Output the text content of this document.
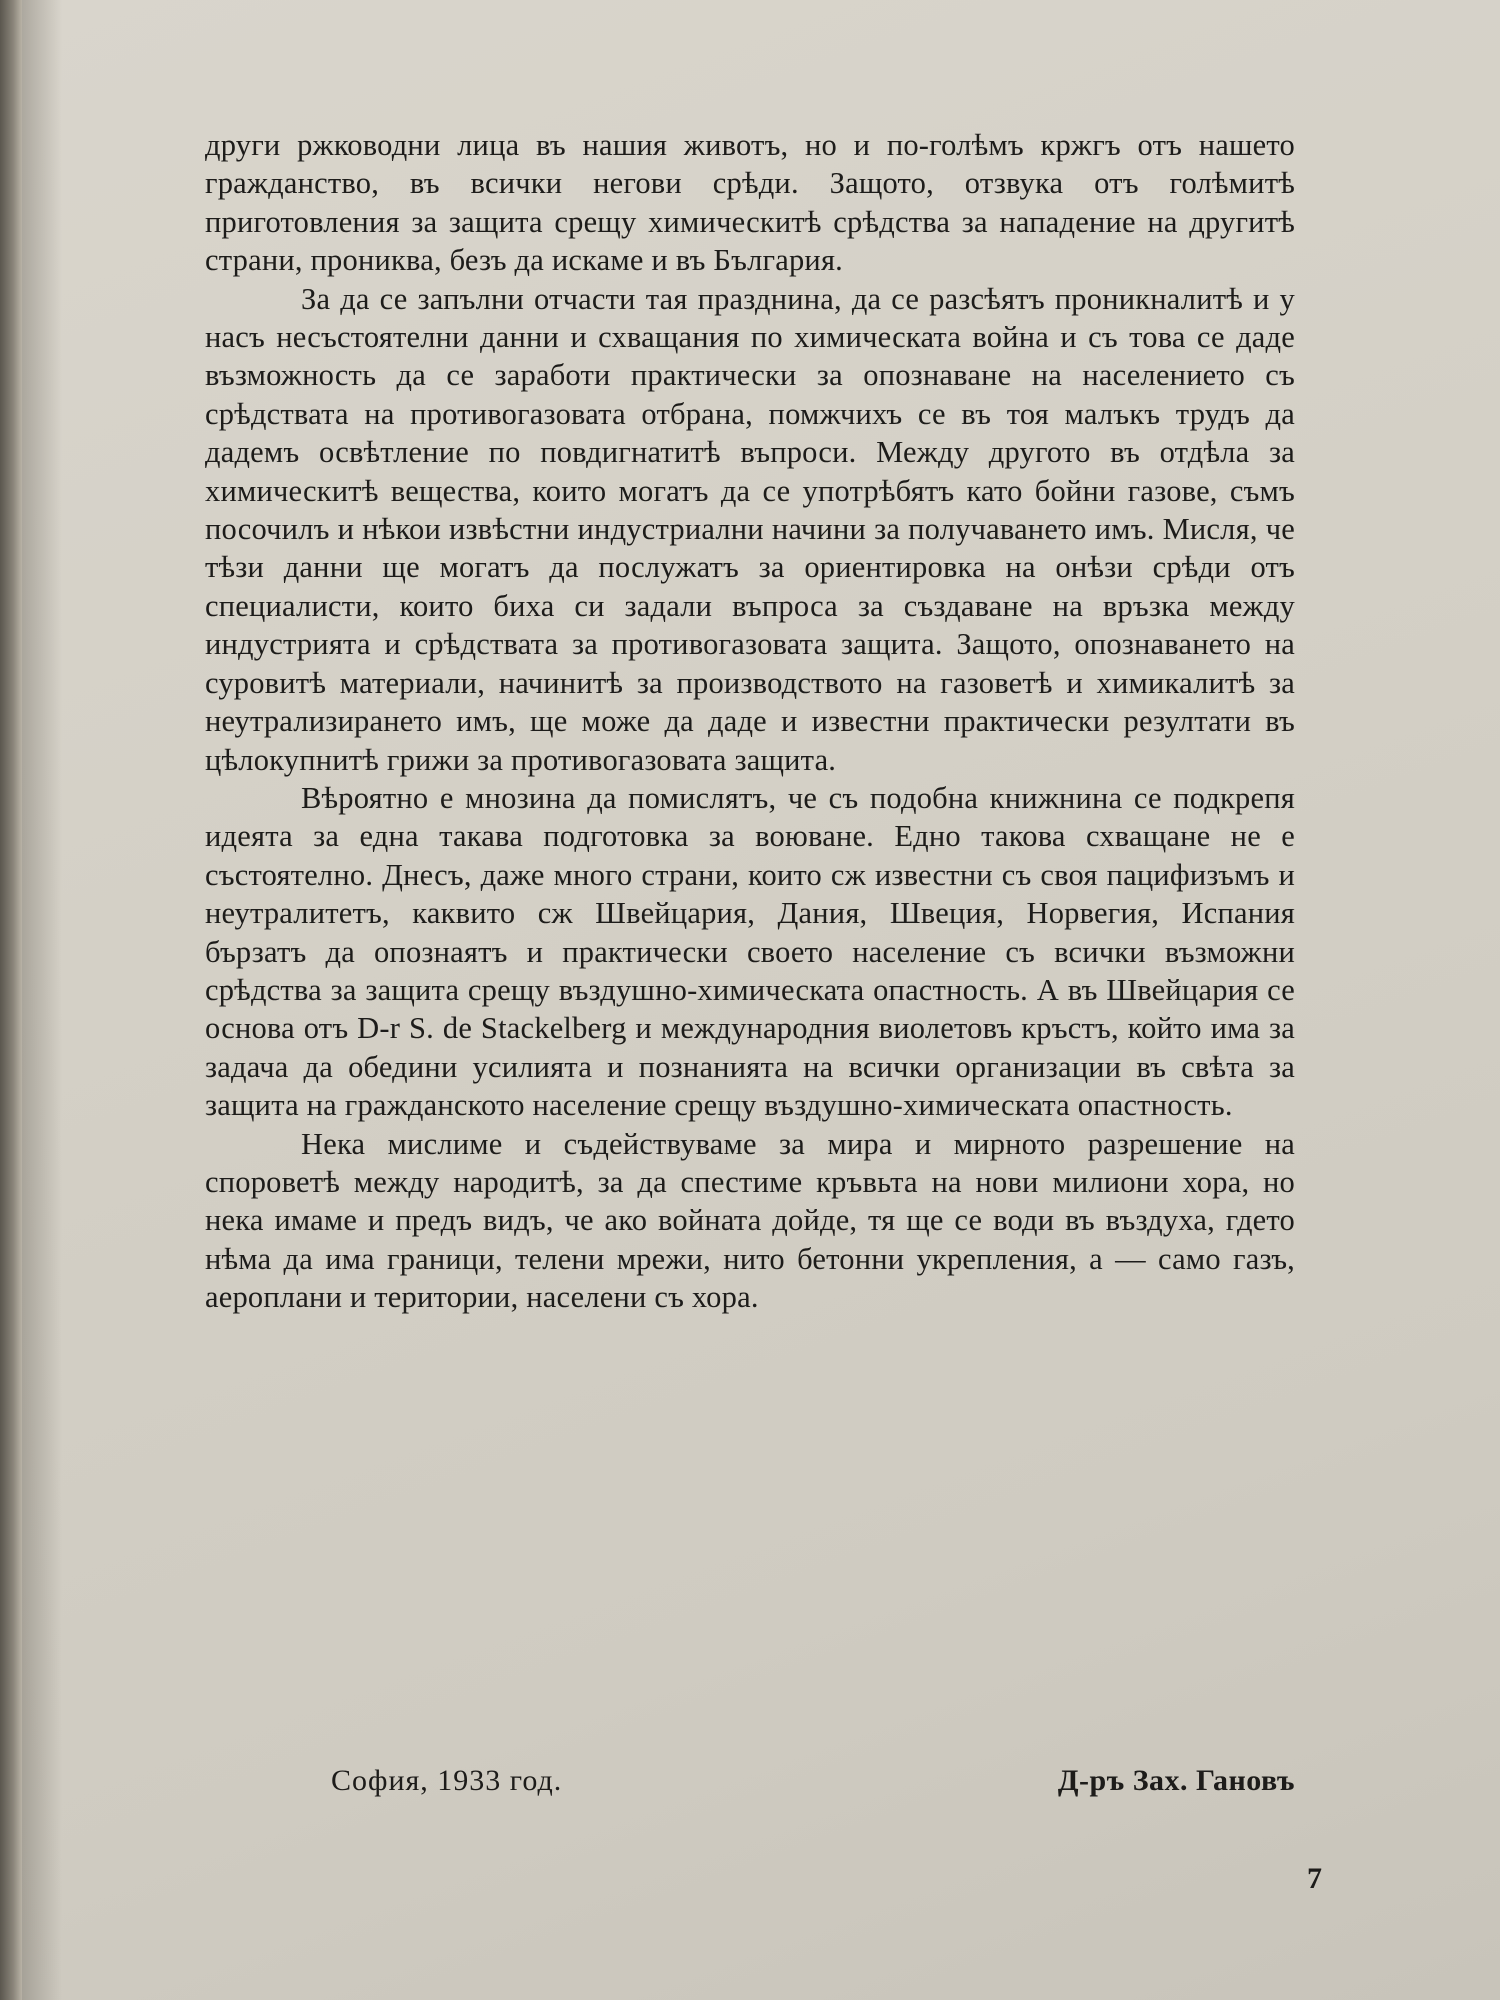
други ржководни лица въ нашия животъ, но и по-голѣмъ кржгъ отъ нашето гражданство, въ всички негови срѣди. Защото, отзвука отъ голѣмитѣ приготовления за защита срещу химическитѣ срѣдства за нападение на другитѣ страни, прониква, безъ да искаме и въ България.

За да се запълни отчасти тая празднина, да се разсѣятъ проникналитѣ и у насъ несъстоятелни данни и схващания по химическата война и съ това се даде възможность да се заработи практически за опознаване на населението съ срѣдствата на противогазовата отбрана, помжчихъ се въ тоя малъкъ трудъ да дадемъ освѣтление по повдигнатитѣ въпроси. Между другото въ отдѣла за химическитѣ вещества, които могатъ да се употрѣбятъ като бойни газове, съмъ посочилъ и нѣкои извѣстни индустриални начини за получаването имъ. Мисля, че тѣзи данни ще могатъ да послужатъ за ориентировка на онѣзи срѣди отъ специалисти, които биха си задали въпроса за създаване на връзка между индустрията и срѣдствата за противогазовата защита. Защото, опознаването на суровитѣ материали, начинитѣ за производството на газоветѣ и химикалитѣ за неутрализирането имъ, ще може да даде и известни практически резултати въ цѣлокупнитѣ грижи за противогазовата защита.

Вѣроятно е мнозина да помислятъ, че съ подобна книжнина се подкрепя идеята за една такава подготовка за воюване. Едно такова схващане не е състоятелно. Днесъ, даже много страни, които сж известни съ своя пацифизъмъ и неутралитетъ, каквито сж Швейцария, Дания, Швеция, Норвегия, Испания бързатъ да опознаятъ и практически своето население съ всички възможни срѣдства за защита срещу въздушно-химическата опастность. А въ Швейцария се основа отъ D-r S. de Stackelberg и международния виолетовъ кръстъ, който има за задача да обедини усилията и познанията на всички организации въ свѣта за защита на гражданското население срещу въздушно-химическата опастность.

Нека мислиме и съдействуваме за мира и мирното разрешение на спороветѣ между народитѣ, за да спестиме кръвьта на нови милиони хора, но нека имаме и предъ видъ, че ако войната дойде, тя ще се води въ въздуха, гдето нѣма да има граници, телени мрежи, нито бетонни укрепления, а — само газъ, аероплани и територии, населени съ хора.

София, 1933 год.	Д-ръ Зах. Гановъ
7
